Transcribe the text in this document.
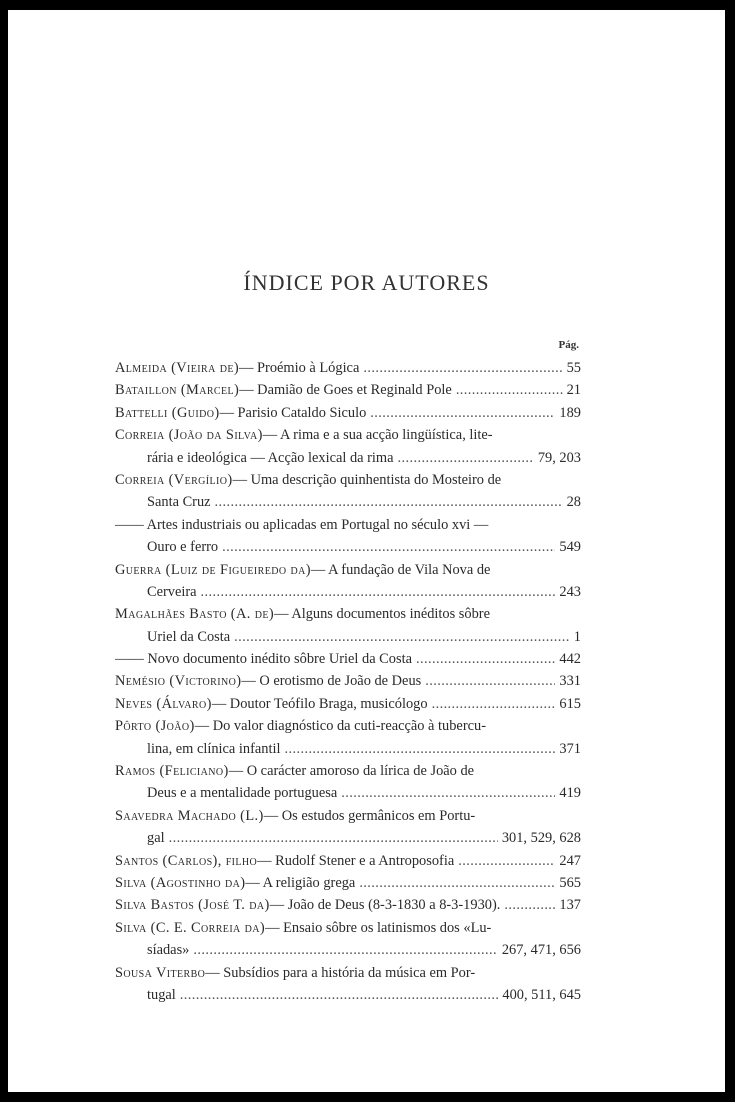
ÍNDICE POR AUTORES
Pág.
Almeida (Vieira de) — Proémio à Lógica . . .	55
Bataillon (Marcel) — Damião de Goes et Reginald Pole . . .	21
Battelli (Guido) — Parisio Cataldo Siculo . . .	189
Correia (João da Silva) — A rima e a sua acção lingüística, lite-
rária e ideológica — Acção lexical da rima . . .	79, 203
Correia (Vergílio) — Uma descrição quinhentista do Mosteiro de
Santa Cruz . . .	28
—— Artes industriais ou aplicadas em Portugal no século xvi —
Ouro e ferro . . .	549
Guerra (Luiz de Figueiredo da) — A fundação de Vila Nova de
Cerveira . . .	243
Magalhães Basto (A. de) — Alguns documentos inéditos sôbre
Uriel da Costa . . .	1
—— Novo documento inédito sôbre Uriel da Costa . . .	442
Nemésio (Victorino) — O erotismo de João de Deus . . .	331
Neves (Álvaro) — Doutor Teófilo Braga, musicólogo . . .	615
Pôrto (João) — Do valor diagnóstico da cuti-reacção à tubercu-
lina, em clínica infantil . . .	371
Ramos (Feliciano) — O carácter amoroso da lírica de João de
Deus e a mentalidade portuguesa . . .	419
Saavedra Machado (L.) — Os estudos germânicos em Portu-
gal . . .	301, 529, 628
Santos (Carlos), filho — Rudolf Stener e a Antroposofia . . .	247
Silva (Agostinho da) — A religião grega . . .	565
Silva Bastos (José T. da) — João de Deus (8-3-1830 a 8-3-1930). . . .	137
Silva (C. E. Correia da) — Ensaio sôbre os latinismos dos «Lu-
síadas» . . .	267, 471, 656
Sousa Viterbo — Subsídios para a história da música em Por-
tugal . . .	400, 511, 645
